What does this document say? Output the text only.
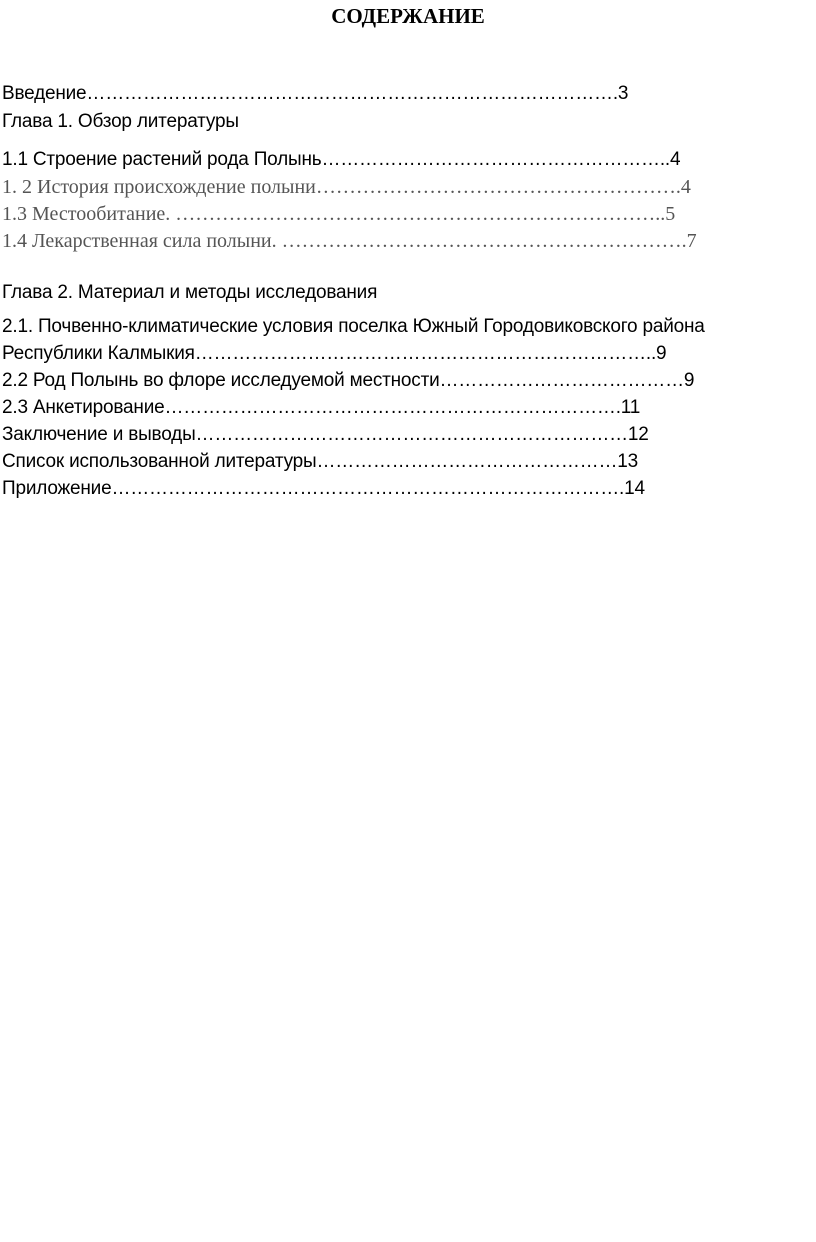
СОДЕРЖАНИЕ
Введение………………………………………………………………………….3
Глава 1. Обзор литературы
1.1 Строение растений рода Полынь………………………………………………..4
1. 2 История происхождение полыни……………………………………………….4
1.3 Местообитание. ………………………………………………………………..5
1.4 Лекарственная сила полыни. …………………………………………………….7
Глава 2. Материал и методы исследования
2.1. Почвенно-климатические условия поселка Южный Городовиковского района
Республики Калмыкия………………………………………………………………..9
2.2 Род Полынь во флоре исследуемой местности…………………………………9
2.3 Анкетирование……………………………………………………………….11
Заключение и выводы……………………………………………………………12
Список использованной литературы…………………………………………13
Приложение……………………………………………………………………….14
